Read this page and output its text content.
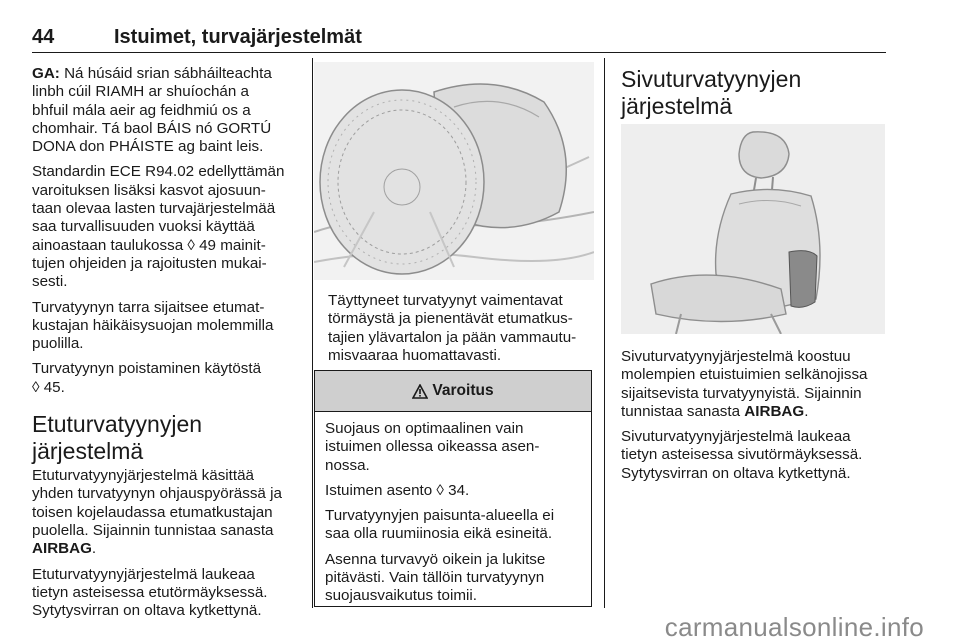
44	Istuimet, turvajärjestelmät

GA: Ná húsáid srian sábháilteachta
linbh cúil RIAMH ar shuíochán a
bhfuil mála aeir ag feidhmiú os a
chomhair. Tá baol BÁIS nó GORTÚ
DONA don PHÁISTE ag baint leis.

Standardin ECE R94.02 edellyttämän
varoituksen lisäksi kasvot ajosuun-
taan olevaa lasten turvajärjestelmää
saa turvallisuuden vuoksi käyttää
ainoastaan taulukossa ◊ 49 mainit-
tujen ohjeiden ja rajoitusten mukai-
sesti.

Turvatyynyn tarra sijaitsee etumat-
kustajan häikäisysuojan molemmilla
puolilla.

Turvatyynyn poistaminen käytöstä
◊ 45.

Etuturvatyynyjen
järjestelmä

Etuturvatyynyjärjestelmä käsittää
yhden turvatyynyn ohjauspyörässä ja
toisen kojelaudassa etumatkustajan
puolella. Sijainnin tunnistaa sanasta
AIRBAG.

Etuturvatyynyjärjestelmä laukeaa
tietyn asteisessa etutörmäyksessä.
Sytytysvirran on oltava kytkettynä.

Täyttyneet turvatyynyt vaimentavat
törmäystä ja pienentävät etumatkus-
tajien ylävartalon ja pään vammautu-
misvaaraa huomattavasti.
Varoitus

Suojaus on optimaalinen vain
istuimen ollessa oikeassa asen-
nossa.

Istuimen asento ◊ 34.

Turvatyynyjen paisunta-alueella ei
saa olla ruumiinosia eikä esineitä.

Asenna turvavyö oikein ja lukitse
pitävästi. Vain tällöin turvatyynyn
suojausvaikutus toimii.

Sivuturvatyynyjen
järjestelmä

Sivuturvatyynyjärjestelmä koostuu
molempien etuistuimien selkänojissa
sijaitsevista turvatyynyistä. Sijainnin
tunnistaa sanasta AIRBAG.

Sivuturvatyynyjärjestelmä laukeaa
tietyn asteisessa sivutörmäyksessä.
Sytytysvirran on oltava kytkettynä.

carmanualsonline.info
